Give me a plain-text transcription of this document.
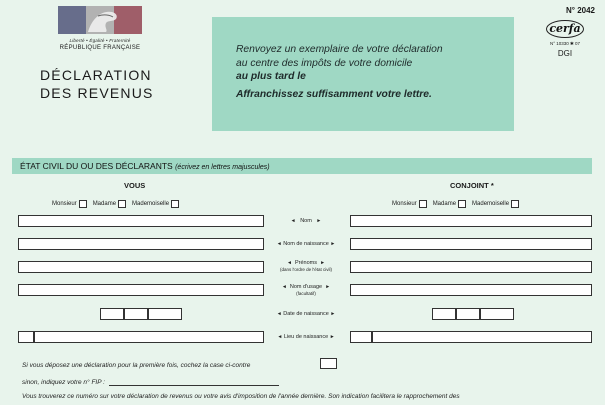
Liberté • Égalité • Fraternité
RÉPUBLIQUE FRANÇAISE
DÉCLARATION DES REVENUS
Renvoyez un exemplaire de votre déclaration
au centre des impôts de votre domicile
au plus tard le
Affranchissez suffisamment votre lettre.
N° 2042
cerfa
N° 10330 ✱ 07
DGI
ÉTAT CIVIL DU OU DES DÉCLARANTS (écrivez en lettres majuscules)
VOUS	CONJOINT *
Monsieur	Madame	Mademoiselle	Monsieur	Madame	Mademoiselle
◄ Nom ►
◄ Nom de naissance ►
◄ Prénoms ►
(dans l'ordre de l'état civil)
◄ Nom d'usage ►
(facultatif)
◄ Date de naissance ►
◄ Lieu de naissance ►
Si vous déposez une déclaration pour la première fois, cochez la case ci-contre
sinon, indiquez votre n° FIP :
Vous trouverez ce numéro sur votre déclaration de revenus ou votre avis d'imposition de l'année dernière. Son indication facilitera le rapprochement des
